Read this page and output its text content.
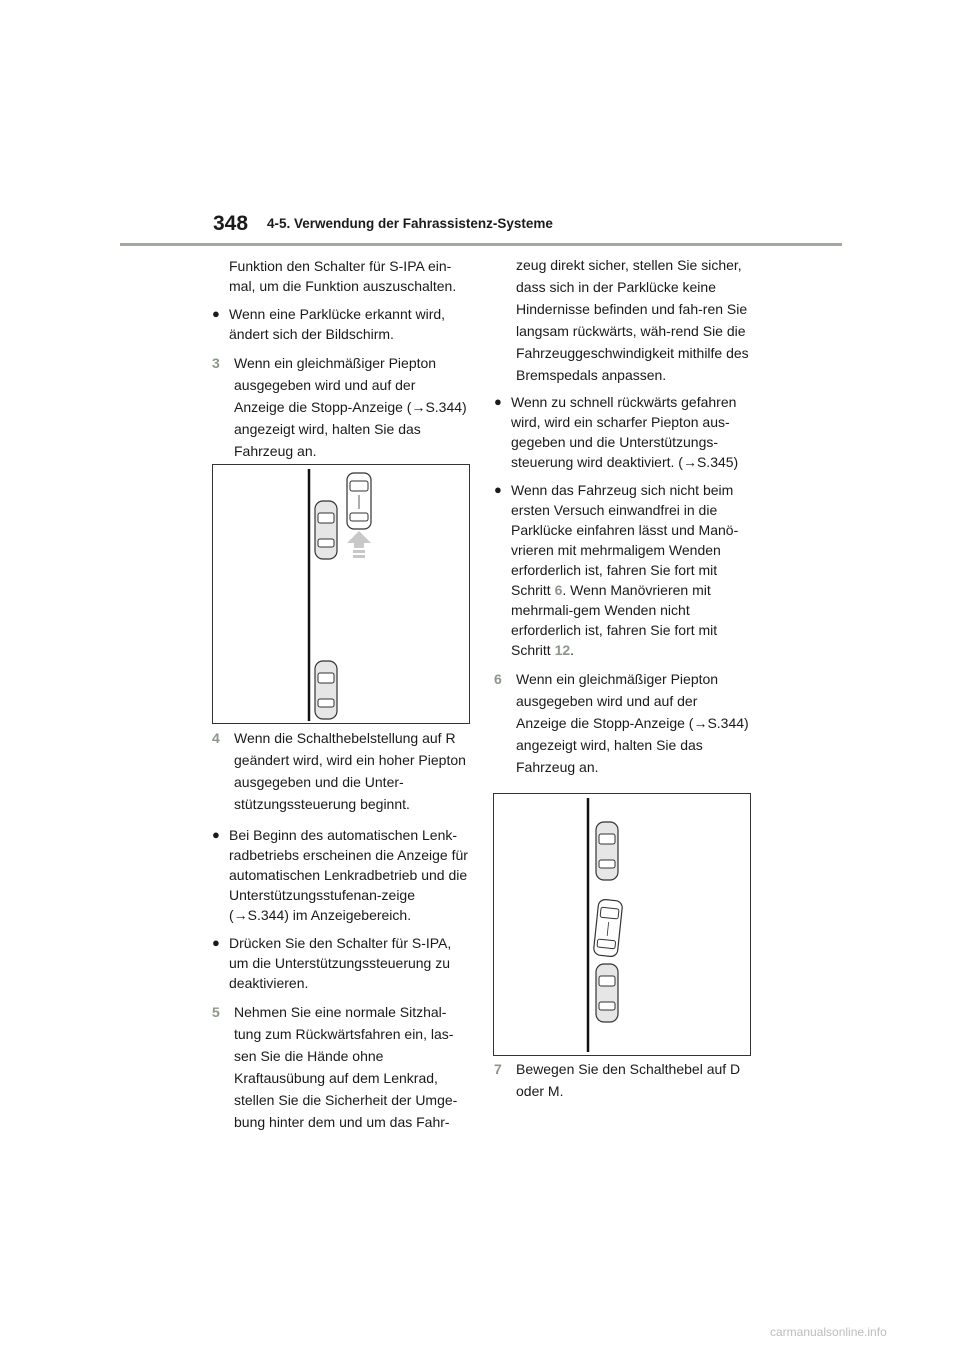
348 4-5. Verwendung der Fahrassistenz-Systeme

Funktion den Schalter für S-IPA ein-mal, um die Funktion auszuschalten.

● Wenn eine Parklücke erkannt wird, ändert sich der Bildschirm.
3 Wenn ein gleichmäßiger Piepton ausgegeben wird und auf der Anzeige die Stopp-Anzeige (→S.344) angezeigt wird, halten Sie das Fahrzeug an.
4 Wenn die Schalthebelstellung auf R geändert wird, wird ein hoher Piepton ausgegeben und die Unter-stützungssteuerung beginnt.
● Bei Beginn des automatischen Lenk-radbetriebs erscheinen die Anzeige für automatischen Lenkradbetrieb und die Unterstützungsstufenan-zeige (→S.344) im Anzeigebereich.
● Drücken Sie den Schalter für S-IPA, um die Unterstützungssteuerung zu deaktivieren.
5 Nehmen Sie eine normale Sitzhal-tung zum Rückwärtsfahren ein, las-sen Sie die Hände ohne Kraftausübung auf dem Lenkrad, stellen Sie die Sicherheit der Umge-bung hinter dem und um das Fahr-

zeug direkt sicher, stellen Sie sicher, dass sich in der Parklücke keine Hindernisse befinden und fah-ren Sie langsam rückwärts, wäh-rend Sie die Fahrzeuggeschwindigkeit mithilfe des Bremspedals anpassen.

● Wenn zu schnell rückwärts gefahren wird, wird ein scharfer Piepton aus-gegeben und die Unterstützungs-steuerung wird deaktiviert. (→S.345)
● Wenn das Fahrzeug sich nicht beim ersten Versuch einwandfrei in die Parklücke einfahren lässt und Manö-vrieren mit mehrmaligem Wenden erforderlich ist, fahren Sie fort mit Schritt 6. Wenn Manövrieren mit mehrmali-gem Wenden nicht erforderlich ist, fahren Sie fort mit Schritt 12.
6 Wenn ein gleichmäßiger Piepton ausgegeben wird und auf der Anzeige die Stopp-Anzeige (→S.344) angezeigt wird, halten Sie das Fahrzeug an.
7 Bewegen Sie den Schalthebel auf D oder M.
carmanualsonline.info
